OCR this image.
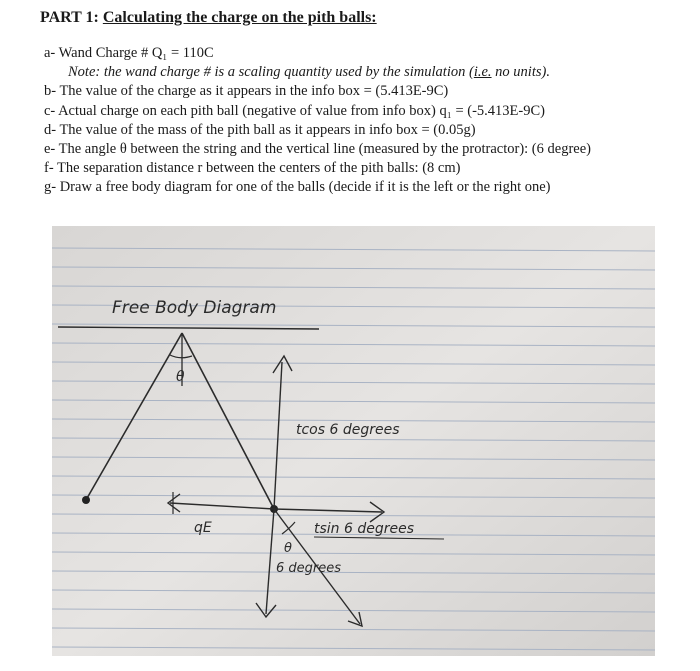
PART 1: Calculating the charge on the pith balls:
a- Wand Charge # Q₁ = 110C
Note: the wand charge # is a scaling quantity used by the simulation (i.e. no units).
b- The value of the charge as it appears in the info box = (5.413E-9C)
c- Actual charge on each pith ball (negative of value from info box) q₁ = (-5.413E-9C)
d- The value of the mass of the pith ball as it appears in info box = (0.05g)
e- The angle θ between the string and the vertical line (measured by the protractor): (6 degree)
f- The separation distance r between the centers of the pith balls: (8 cm)
g- Draw a free body diagram for one of the balls (decide if it is the left or the right one)
Free Body Diagram
θ
tcos 6 degrees
qE	tsin 6 degrees
θ
6 degrees
